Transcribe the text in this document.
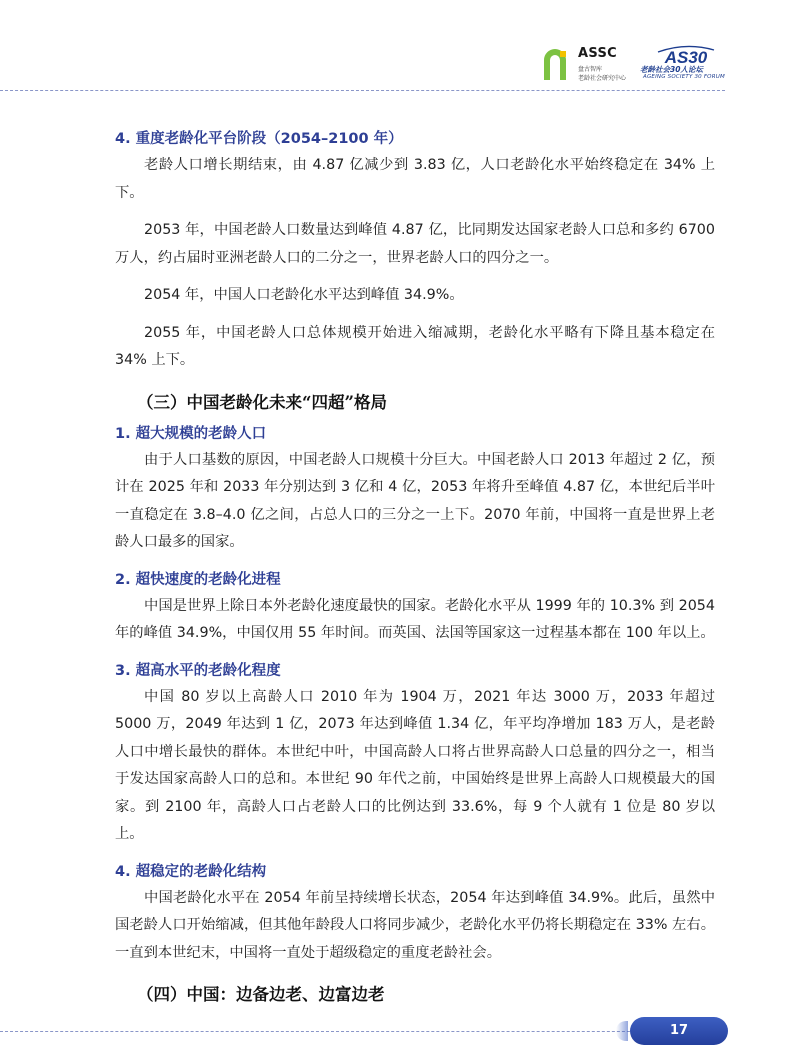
ASSC
盘古智库
老龄社会研究中心
AS30
老龄社会30人论坛
AGEING SOCIETY 30 FORUM

4. 重度老龄化平台阶段（2054–2100 年）

老龄人口增长期结束，由 4.87 亿减少到 3.83 亿，人口老龄化水平始终稳定在 34% 上下。

2053 年，中国老龄人口数量达到峰值 4.87 亿，比同期发达国家老龄人口总和多约 6700 万人，约占届时亚洲老龄人口的二分之一，世界老龄人口的四分之一。

2054 年，中国人口老龄化水平达到峰值 34.9%。

2055 年，中国老龄人口总体规模开始进入缩减期，老龄化水平略有下降且基本稳定在 34% 上下。

（三）中国老龄化未来“四超”格局

1. 超大规模的老龄人口

由于人口基数的原因，中国老龄人口规模十分巨大。中国老龄人口 2013 年超过 2 亿，预计在 2025 年和 2033 年分别达到 3 亿和 4 亿，2053 年将升至峰值 4.87 亿，本世纪后半叶一直稳定在 3.8–4.0 亿之间，占总人口的三分之一上下。2070 年前，中国将一直是世界上老龄人口最多的国家。

2. 超快速度的老龄化进程

中国是世界上除日本外老龄化速度最快的国家。老龄化水平从 1999 年的 10.3% 到 2054 年的峰值 34.9%，中国仅用 55 年时间。而英国、法国等国家这一过程基本都在 100 年以上。

3. 超高水平的老龄化程度

中国 80 岁以上高龄人口 2010 年为 1904 万，2021 年达 3000 万，2033 年超过 5000 万，2049 年达到 1 亿，2073 年达到峰值 1.34 亿，年平均净增加 183 万人，是老龄人口中增长最快的群体。本世纪中叶，中国高龄人口将占世界高龄人口总量的四分之一，相当于发达国家高龄人口的总和。本世纪 90 年代之前，中国始终是世界上高龄人口规模最大的国家。到 2100 年，高龄人口占老龄人口的比例达到 33.6%，每 9 个人就有 1 位是 80 岁以上。

4. 超稳定的老龄化结构

中国老龄化水平在 2054 年前呈持续增长状态，2054 年达到峰值 34.9%。此后，虽然中国老龄人口开始缩减，但其他年龄段人口将同步减少，老龄化水平仍将长期稳定在 33% 左右。一直到本世纪末，中国将一直处于超级稳定的重度老龄社会。

（四）中国：边备边老、边富边老

17
